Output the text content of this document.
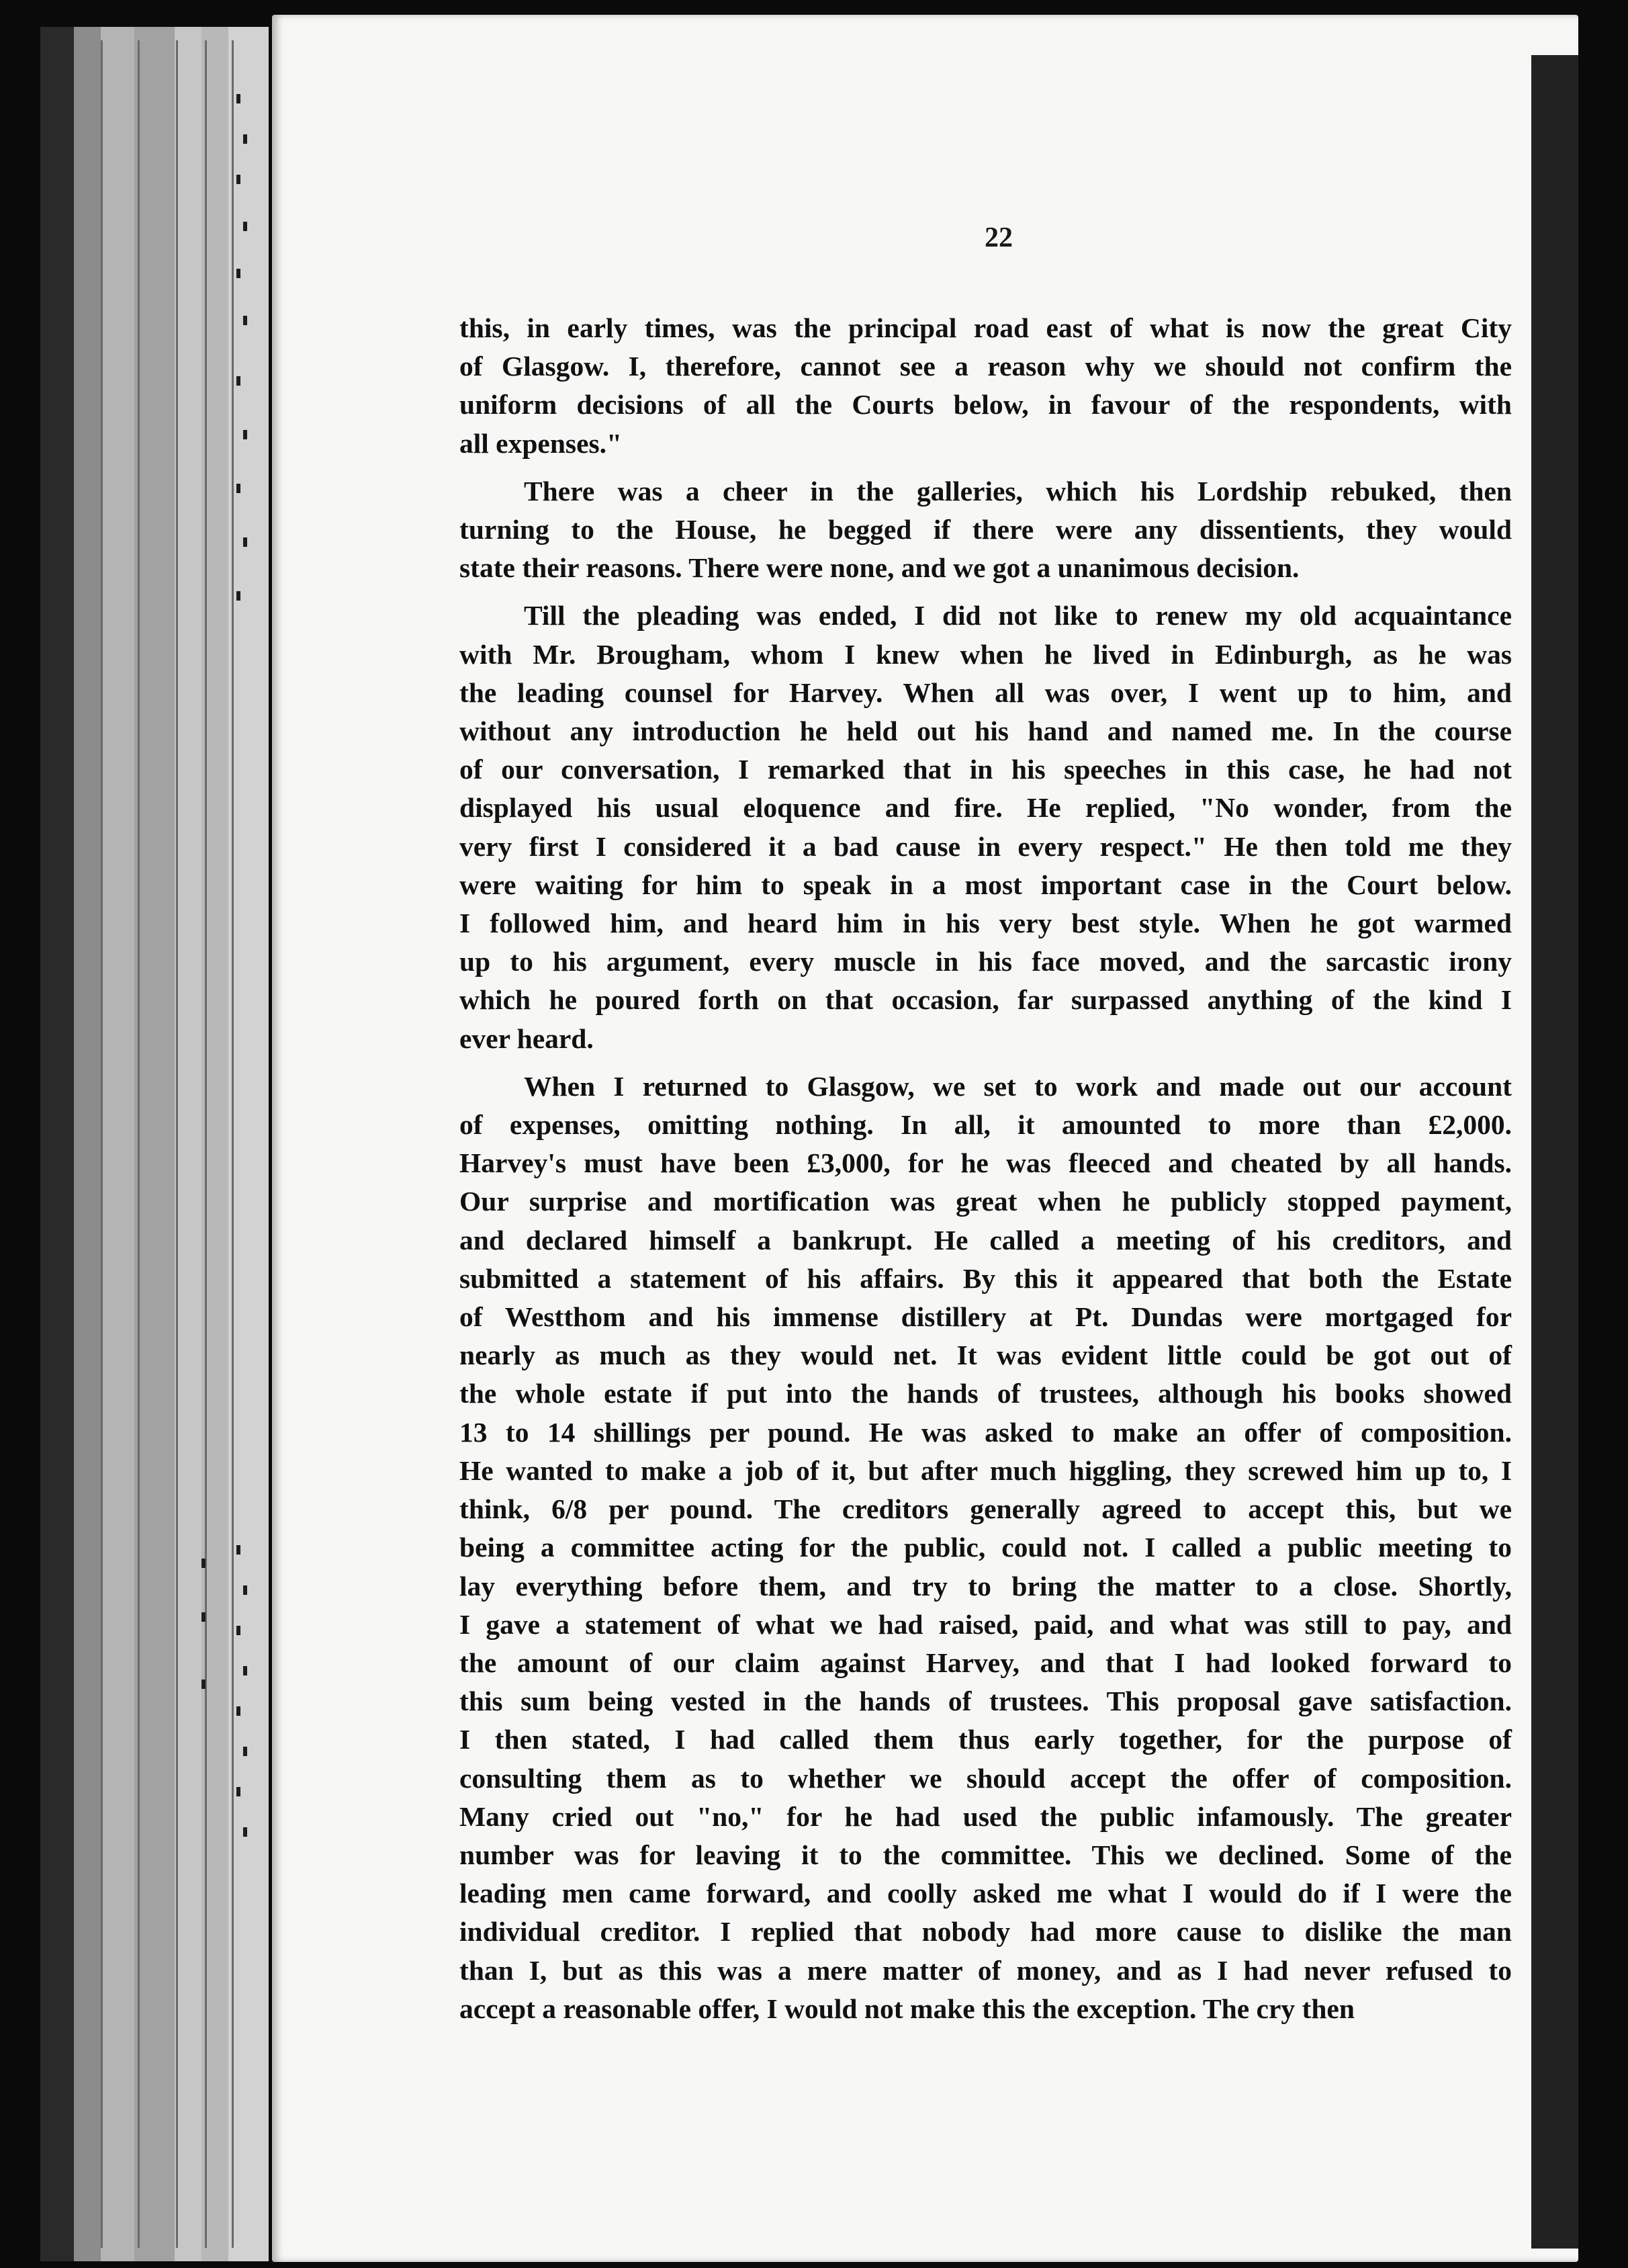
22
this, in early times, was the principal road east of what is now the great City
of Glasgow. I, therefore, cannot see a reason why we should not confirm the
uniform decisions of all the Courts below, in favour of the respondents, with
all expenses."
There was a cheer in the galleries, which his Lordship rebuked, then
turning to the House, he begged if there were any dissentients, they would
state their reasons. There were none, and we got a unanimous decision.
Till the pleading was ended, I did not like to renew my old acquaintance
with Mr. Brougham, whom I knew when he lived in Edinburgh, as he was
the leading counsel for Harvey. When all was over, I went up to him, and
without any introduction he held out his hand and named me. In the course
of our conversation, I remarked that in his speeches in this case, he had not
displayed his usual eloquence and fire. He replied, "No wonder, from the
very first I considered it a bad cause in every respect." He then told me they
were waiting for him to speak in a most important case in the Court below.
I followed him, and heard him in his very best style. When he got warmed
up to his argument, every muscle in his face moved, and the sarcastic irony
which he poured forth on that occasion, far surpassed anything of the kind I
ever heard.
When I returned to Glasgow, we set to work and made out our account
of expenses, omitting nothing. In all, it amounted to more than £2,000.
Harvey's must have been £3,000, for he was fleeced and cheated by all hands.
Our surprise and mortification was great when he publicly stopped payment,
and declared himself a bankrupt. He called a meeting of his creditors, and
submitted a statement of his affairs. By this it appeared that both the Estate
of Westthom and his immense distillery at Pt. Dundas were mortgaged for
nearly as much as they would net. It was evident little could be got out of
the whole estate if put into the hands of trustees, although his books showed
13 to 14 shillings per pound. He was asked to make an offer of composition.
He wanted to make a job of it, but after much higgling, they screwed him up to, I
think, 6/8 per pound. The creditors generally agreed to accept this, but we
being a committee acting for the public, could not. I called a public meeting to
lay everything before them, and try to bring the matter to a close. Shortly,
I gave a statement of what we had raised, paid, and what was still to pay, and
the amount of our claim against Harvey, and that I had looked forward to
this sum being vested in the hands of trustees. This proposal gave satisfaction.
I then stated, I had called them thus early together, for the purpose of
consulting them as to whether we should accept the offer of composition.
Many cried out "no," for he had used the public infamously. The greater
number was for leaving it to the committee. This we declined. Some of the
leading men came forward, and coolly asked me what I would do if I were the
individual creditor. I replied that nobody had more cause to dislike the man
than I, but as this was a mere matter of money, and as I had never refused to
accept a reasonable offer, I would not make this the exception. The cry then
